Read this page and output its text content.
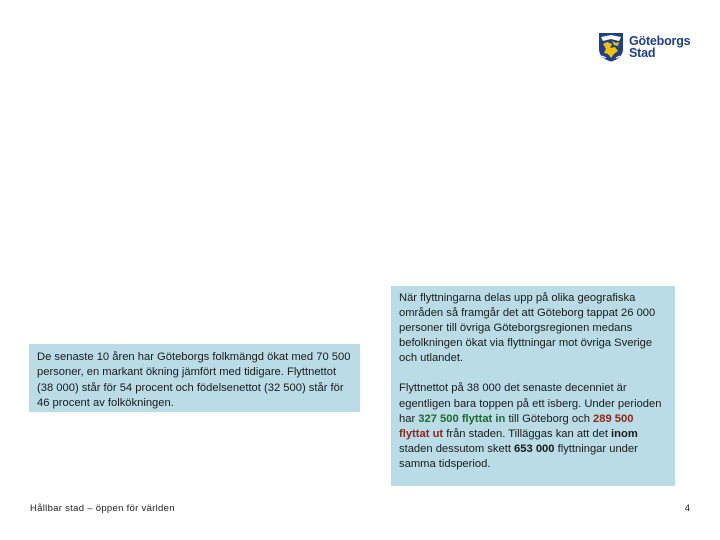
Göteborgs
Stad
De senaste 10 åren har Göteborgs folkmängd ökat med 70 500 personer, en markant ökning jämfört med tidigare. Flyttnettot (38 000) står för 54 procent och födelsenettot (32 500) står för 46 procent av folkökningen.

När flyttningarna delas upp på olika geografiska områden så framgår det att Göteborg tappat 26 000 personer till övriga Göteborgsregionen medans befolkningen ökat via flyttningar mot övriga Sverige och utlandet.

Flyttnettot på 38 000 det senaste decenniet är egentligen bara toppen på ett isberg. Under perioden har 327 500 flyttat in till Göteborg och 289 500 flyttat ut från staden. Tilläggas kan att det inom staden dessutom skett 653 000 flyttningar under samma tidsperiod.

Hållbar stad – öppen för världen	4
